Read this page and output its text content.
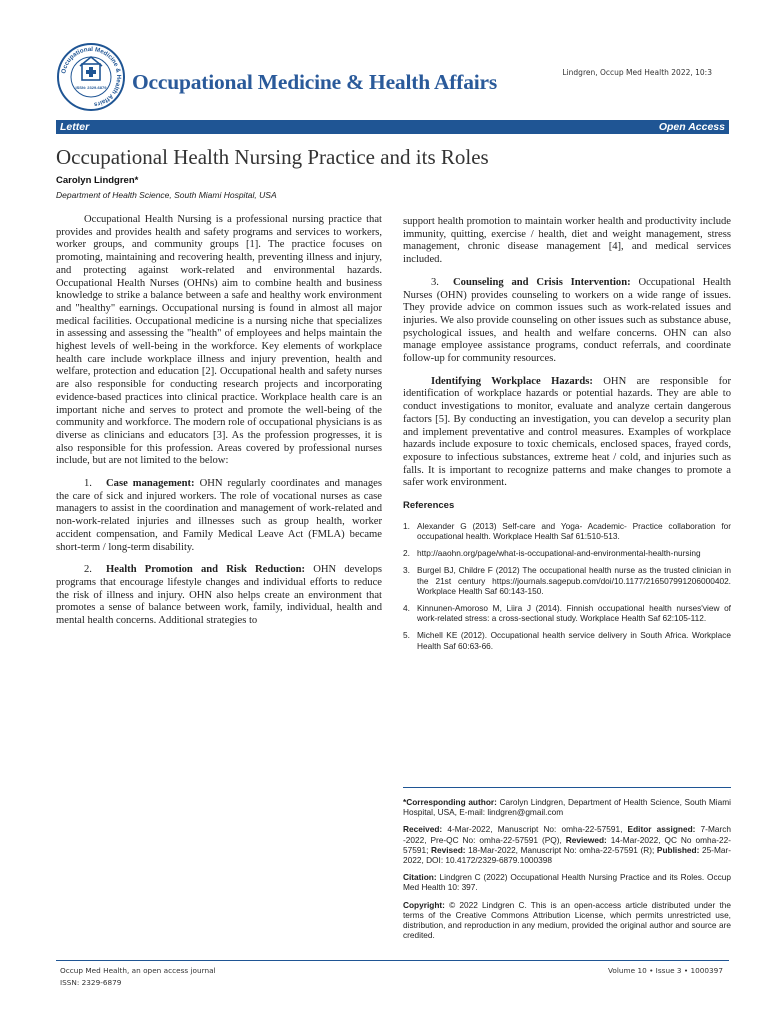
Occupational Medicine & Health Affairs
ISSN: 2329-6879 Occupational Medicine & Health Affairs	Lindgren, Occup Med Health 2022, 10:3
Letter	Open Access
Occupational Health Nursing Practice and its Roles
Carolyn Lindgren*
Department of Health Science, South Miami Hospital, USA

Occupational Health Nursing is a professional nursing practice that provides and provides health and safety programs and services to workers, worker groups, and community groups [1]. The practice focuses on promoting, maintaining and recovering health, preventing illness and injury, and protecting against work-related and environmental hazards. Occupational Health Nurses (OHNs) aim to combine health and business knowledge to strike a balance between a safe and healthy work environment and "healthy" earnings. Occupational nursing is found in almost all major medical facilities. Occupational medicine is a nursing niche that specializes in assessing and assessing the "health" of employees and helps maintain the highest levels of well-being in the workforce. Key elements of workplace health care include workplace illness and injury prevention, health and welfare, protection and education [2]. Occupational health and safety nurses are also responsible for conducting research projects and incorporating evidence-based practices into clinical practice. Workplace health care is an important niche and serves to protect and promote the well-being of the community and workforce. The modern role of occupational physicians is as diverse as clinicians and educators [3]. As the profession progresses, it is also responsible for this profession. Areas covered by professional nurses include, but are not limited to the below:

1. Case management: OHN regularly coordinates and manages the care of sick and injured workers. The role of vocational nurses as case managers to assist in the coordination and management of work-related and non-work-related injuries and illnesses such as group health, worker accident compensation, and Family Medical Leave Act (FMLA) became short-term / long-term disability.

2. Health Promotion and Risk Reduction: OHN develops programs that encourage lifestyle changes and individual efforts to reduce the risk of illness and injury. OHN also helps create an environment that promotes a sense of balance between work, family, individual, health and mental health concerns. Additional strategies to

support health promotion to maintain worker health and productivity include immunity, quitting, exercise / health, diet and weight management, stress management, chronic disease management [4], and medical services included.

3. Counseling and Crisis Intervention: Occupational Health Nurses (OHN) provides counseling to workers on a wide range of issues. They provide advice on common issues such as work-related issues and injuries. We also provide counseling on other issues such as substance abuse, psychological issues, and health and welfare concerns. OHN can also manage employee assistance programs, conduct referrals, and coordinate follow-up for community resources.

Identifying Workplace Hazards: OHN are responsible for identification of workplace hazards or potential hazards. They are able to conduct investigations to monitor, evaluate and analyze certain dangerous factors [5]. By conducting an investigation, you can develop a security plan and implement preventative and control measures. Examples of workplace hazards include exposure to toxic chemicals, enclosed spaces, frayed cords, exposure to infectious substances, extreme heat / cold, and injuries such as falls. It is important to recognize patterns and make changes to promote a safer work environment.

References
1. Alexander G (2013) Self-care and Yoga- Academic- Practice collaboration for occupational health. Workplace Health Saf 61:510-513.
2. http://aaohn.org/page/what-is-occupational-and-environmental-health-nursing
3. Burgel BJ, Childre F (2012) The occupational health nurse as the trusted clinician in the 21st century https://journals.sagepub.com/doi/10.1177/216507991206000402. Workplace Health Saf 60:143-150.
4. Kinnunen-Amoroso M, Liira J (2014). Finnish occupational health nurses'view of work-related stress: a cross-sectional study. Workplace Health Saf 62:105-112.
5. Michell KE (2012). Occupational health service delivery in South Africa. Workplace Health Saf 60:63-66.

*Corresponding author: Carolyn Lindgren, Department of Health Science, South Miami Hospital, USA, E-mail: lindgren@gmail.com

Received: 4-Mar-2022, Manuscript No: omha-22-57591, Editor assigned: 7-March -2022, Pre-QC No: omha-22-57591 (PQ), Reviewed: 14-Mar-2022, QC No omha-22-57591; Revised: 18-Mar-2022, Manuscript No: omha-22-57591 (R); Published: 25-Mar-2022, DOI: 10.4172/2329-6879.1000398

Citation: Lindgren C (2022) Occupational Health Nursing Practice and its Roles. Occup Med Health 10: 397.

Copyright: © 2022 Lindgren C. This is an open-access article distributed under the terms of the Creative Commons Attribution License, which permits unrestricted use, distribution, and reproduction in any medium, provided the original author and source are credited.

Occup Med Health, an open access journal
ISSN: 2329-6879
Volume 10 • Issue 3 • 1000397
